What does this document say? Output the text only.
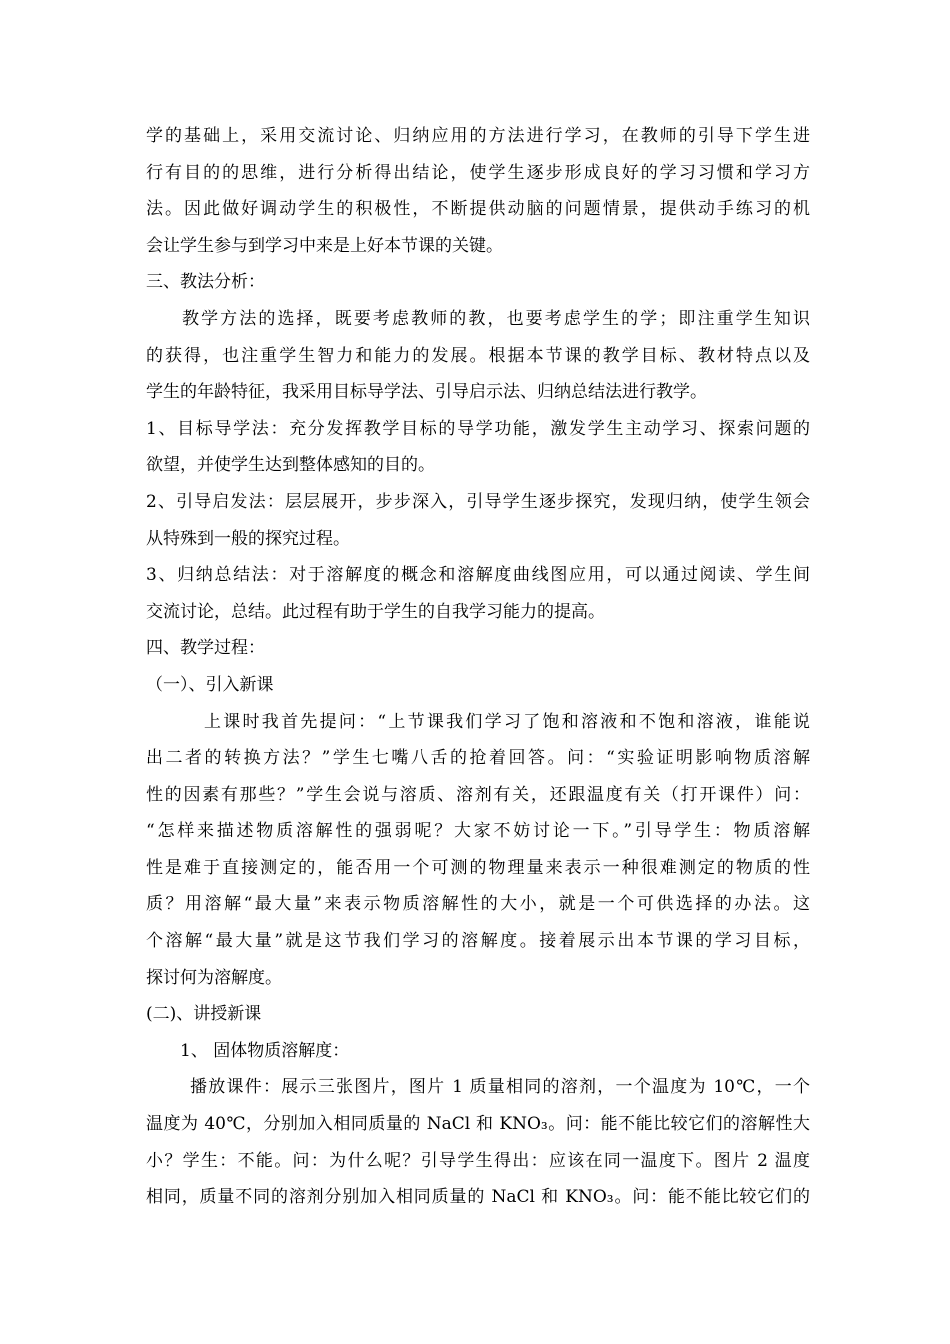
学的基础上，采用交流讨论、归纳应用的方法进行学习，在教师的引导下学生进
行有目的的思维，进行分析得出结论，使学生逐步形成良好的学习习惯和学习方
法。因此做好调动学生的积极性，不断提供动脑的问题情景，提供动手练习的机
会让学生参与到学习中来是上好本节课的关键。
三、教法分析：
教学方法的选择，既要考虑教师的教，也要考虑学生的学；即注重学生知识
的获得，也注重学生智力和能力的发展。根据本节课的教学目标、教材特点以及
学生的年龄特征，我采用目标导学法、引导启示法、归纳总结法进行教学。
1、目标导学法：充分发挥教学目标的导学功能，激发学生主动学习、探索问题的
欲望，并使学生达到整体感知的目的。
2、引导启发法：层层展开，步步深入，引导学生逐步探究，发现归纳，使学生领会
从特殊到一般的探究过程。
3、归纳总结法：对于溶解度的概念和溶解度曲线图应用，可以通过阅读、学生间
交流讨论，总结。此过程有助于学生的自我学习能力的提高。
四、教学过程：
（一）、引入新课
上课时我首先提问：“上节课我们学习了饱和溶液和不饱和溶液，谁能说
出二者的转换方法？”学生七嘴八舌的抢着回答。问：“实验证明影响物质溶解
性的因素有那些？”学生会说与溶质、溶剂有关，还跟温度有关（打开课件）问：
“怎样来描述物质溶解性的强弱呢？大家不妨讨论一下。”引导学生：物质溶解
性是难于直接测定的，能否用一个可测的物理量来表示一种很难测定的物质的性
质？用溶解“最大量”来表示物质溶解性的大小，就是一个可供选择的办法。这
个溶解“最大量”就是这节我们学习的溶解度。接着展示出本节课的学习目标，
探讨何为溶解度。
(二)、讲授新课
1、 固体物质溶解度：
播放课件：展示三张图片，图片 1 质量相同的溶剂，一个温度为 10℃，一个
温度为 40℃，分别加入相同质量的 NaCl 和 KNO₃。问：能不能比较它们的溶解性大
小？学生：不能。问：为什么呢？引导学生得出：应该在同一温度下。图片 2 温度
相同，质量不同的溶剂分别加入相同质量的 NaCl 和 KNO₃。问：能不能比较它们的
